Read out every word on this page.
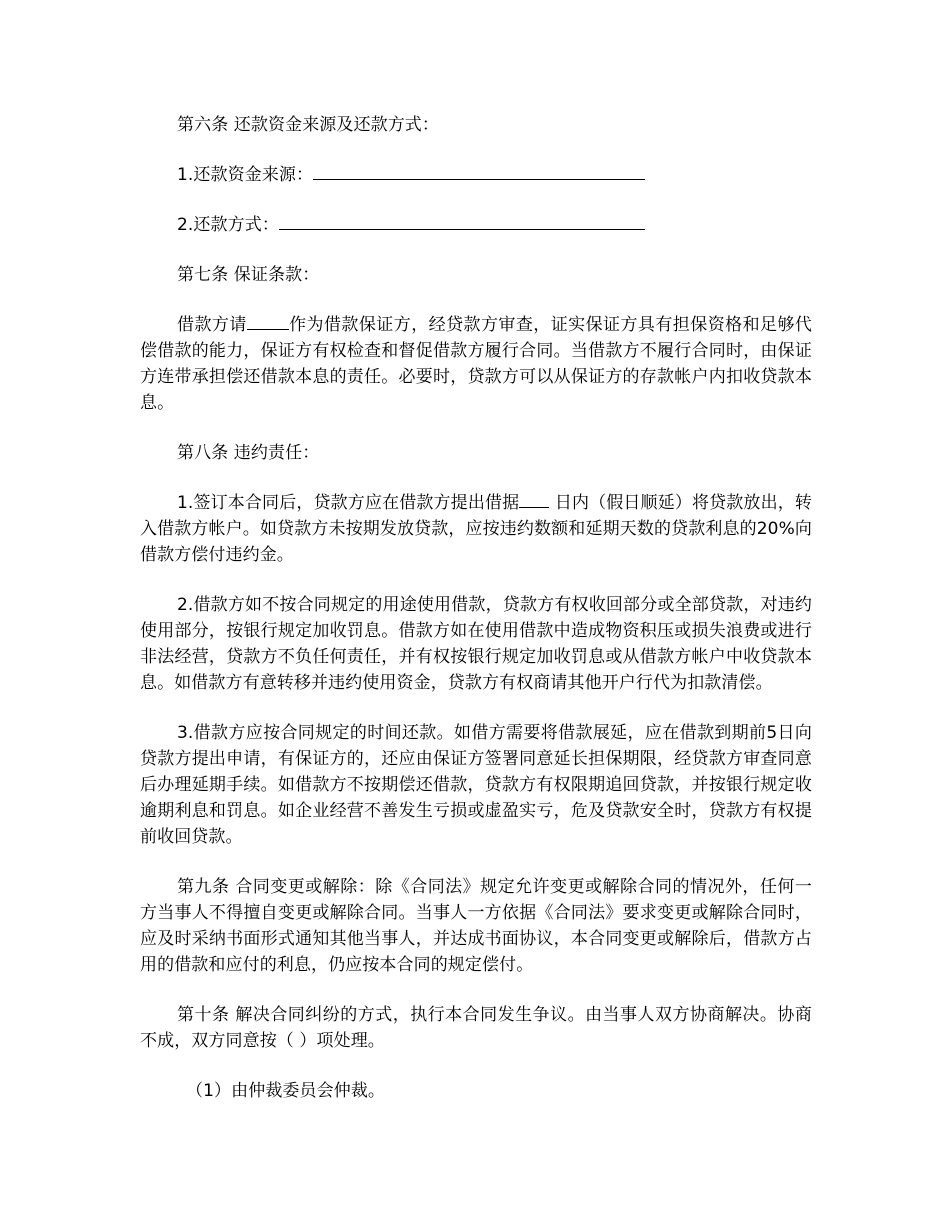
第六条 还款资金来源及还款方式：

1.还款资金来源：

2.还款方式：

第七条 保证条款：

借款方请 作为借款保证方，经贷款方审查，证实保证方具有担保资格和足够代偿借款的能力，保证方有权检查和督促借款方履行合同。当借款方不履行合同时，由保证方连带承担偿还借款本息的责任。必要时，贷款方可以从保证方的存款帐户内扣收贷款本息。

第八条 违约责任：

1.签订本合同后，贷款方应在借款方提出借据 日内（假日顺延）将贷款放出，转入借款方帐户。如贷款方未按期发放贷款，应按违约数额和延期天数的贷款利息的20%向借款方偿付违约金。

2.借款方如不按合同规定的用途使用借款，贷款方有权收回部分或全部贷款，对违约使用部分，按银行规定加收罚息。借款方如在使用借款中造成物资积压或损失浪费或进行非法经营，贷款方不负任何责任，并有权按银行规定加收罚息或从借款方帐户中收贷款本息。如借款方有意转移并违约使用资金，贷款方有权商请其他开户行代为扣款清偿。

3.借款方应按合同规定的时间还款。如借方需要将借款展延，应在借款到期前5日向贷款方提出申请，有保证方的，还应由保证方签署同意延长担保期限，经贷款方审查同意后办理延期手续。如借款方不按期偿还借款，贷款方有权限期追回贷款，并按银行规定收逾期利息和罚息。如企业经营不善发生亏损或虚盈实亏，危及贷款安全时，贷款方有权提前收回贷款。

第九条 合同变更或解除：除《合同法》规定允许变更或解除合同的情况外，任何一方当事人不得擅自变更或解除合同。当事人一方依据《合同法》要求变更或解除合同时，应及时采纳书面形式通知其他当事人，并达成书面协议，本合同变更或解除后，借款方占用的借款和应付的利息，仍应按本合同的规定偿付。

第十条 解决合同纠纷的方式，执行本合同发生争议。由当事人双方协商解决。协商不成，双方同意按（ ）项处理。

（1）由仲裁委员会仲裁。
